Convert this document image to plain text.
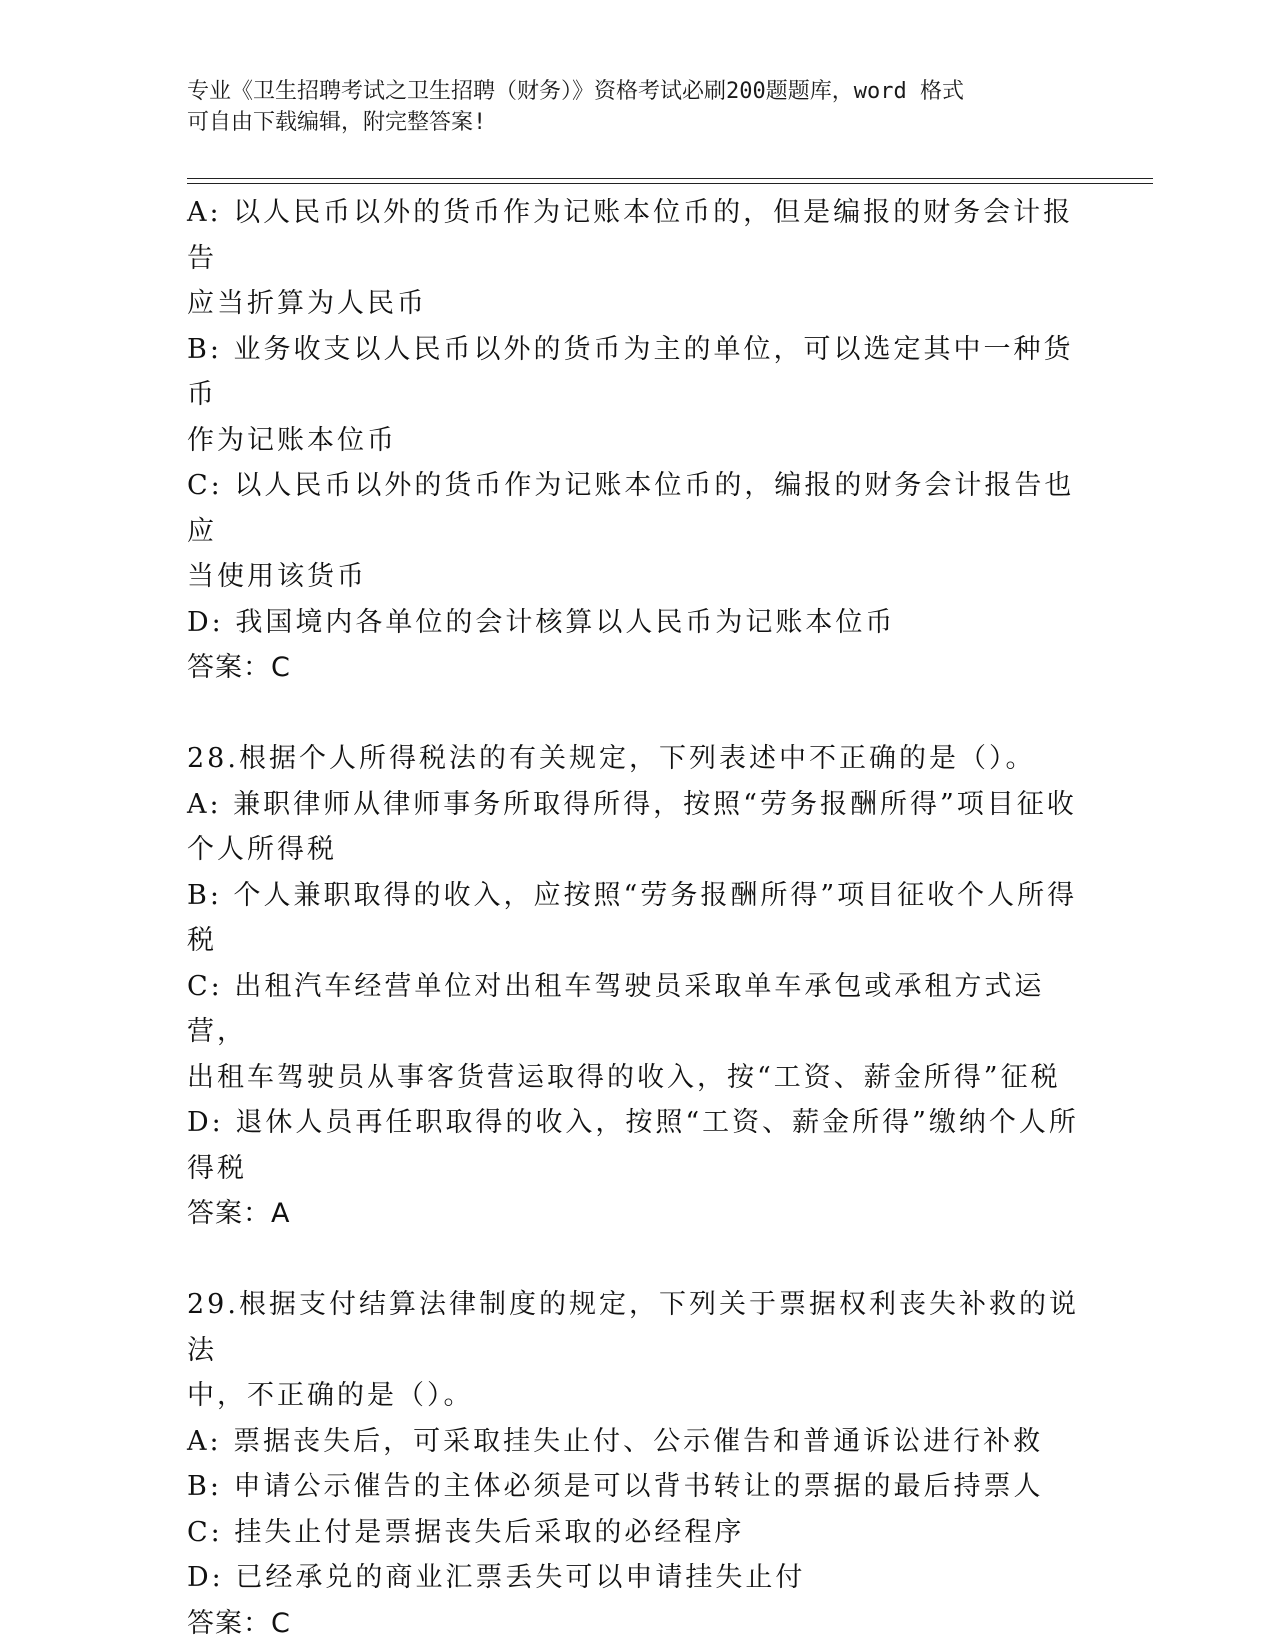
专业《卫生招聘考试之卫生招聘（财务）》资格考试必刷200题题库，word 格式
可自由下载编辑，附完整答案!

A: 以人民币以外的货币作为记账本位币的，但是编报的财务会计报告

应当折算为人民币

B: 业务收支以人民币以外的货币为主的单位，可以选定其中一种货币

作为记账本位币

C: 以人民币以外的货币作为记账本位币的，编报的财务会计报告也应

当使用该货币

D: 我国境内各单位的会计核算以人民币为记账本位币

答案：C

28.根据个人所得税法的有关规定，下列表述中不正确的是（）。

A: 兼职律师从律师事务所取得所得，按照“劳务报酬所得”项目征收

个人所得税

B: 个人兼职取得的收入，应按照“劳务报酬所得”项目征收个人所得

税

C: 出租汽车经营单位对出租车驾驶员采取单车承包或承租方式运营，

出租车驾驶员从事客货营运取得的收入，按“工资、薪金所得”征税

D: 退休人员再任职取得的收入，按照“工资、薪金所得”缴纳个人所

得税

答案：A

29.根据支付结算法律制度的规定，下列关于票据权利丧失补救的说法

中，不正确的是（）。

A: 票据丧失后，可采取挂失止付、公示催告和普通诉讼进行补救

B: 申请公示催告的主体必须是可以背书转让的票据的最后持票人

C: 挂失止付是票据丧失后采取的必经程序

D: 已经承兑的商业汇票丢失可以申请挂失止付

答案：C
